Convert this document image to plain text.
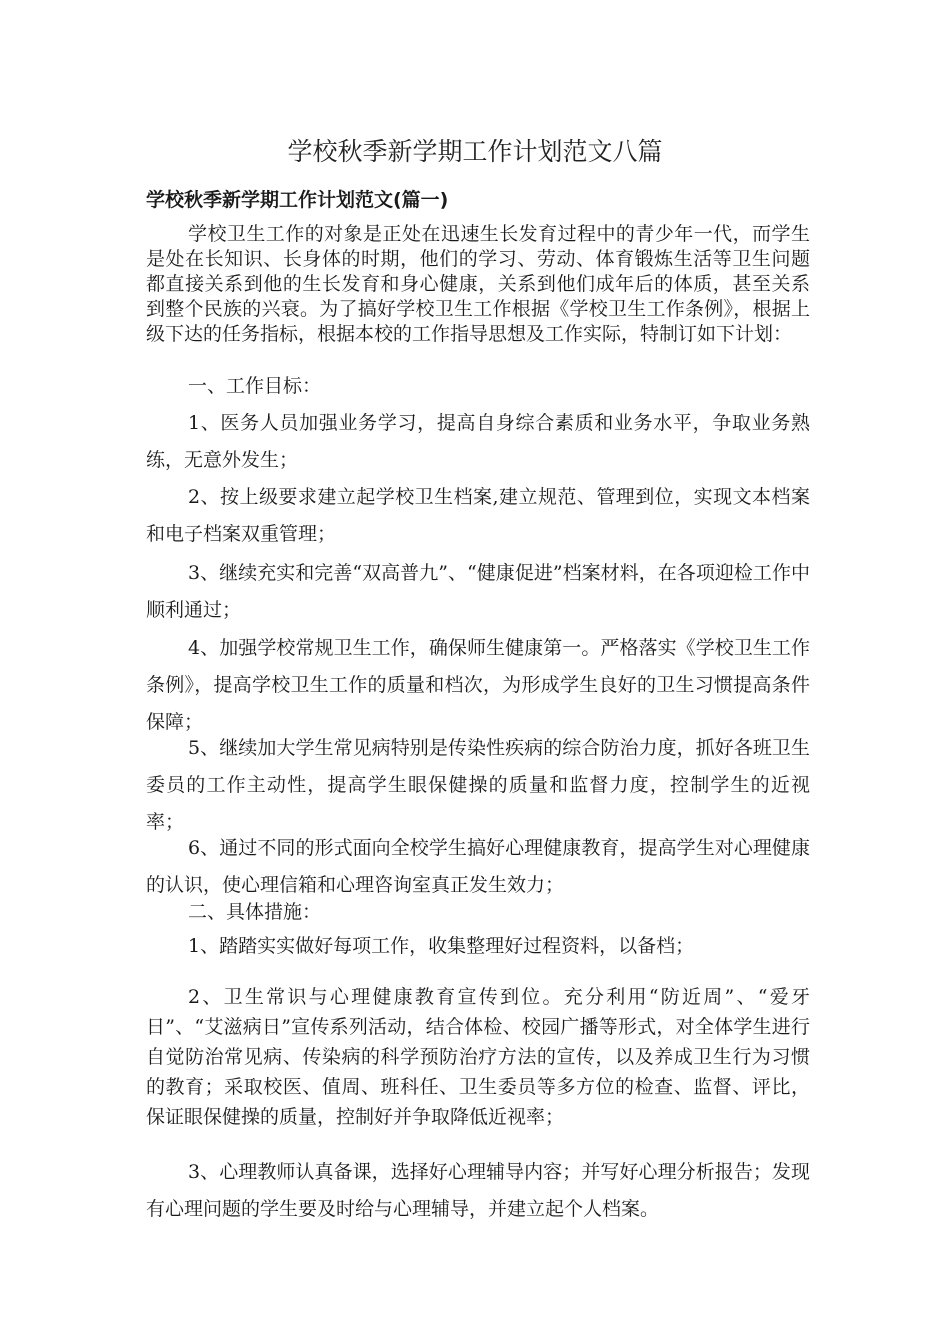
学校秋季新学期工作计划范文八篇
学校秋季新学期工作计划范文(篇一)

学校卫生工作的对象是正处在迅速生长发育过程中的青少年一代，而学生是处在长知识、长身体的时期，他们的学习、劳动、体育锻炼生活等卫生问题都直接关系到他的生长发育和身心健康，关系到他们成年后的体质，甚至关系到整个民族的兴衰。为了搞好学校卫生工作根据《学校卫生工作条例》，根据上级下达的任务指标，根据本校的工作指导思想及工作实际，特制订如下计划：

一、工作目标：

1、医务人员加强业务学习，提高自身综合素质和业务水平，争取业务熟练，无意外发生；

2、按上级要求建立起学校卫生档案,建立规范、管理到位，实现文本档案和电子档案双重管理；

3、继续充实和完善“双高普九”、“健康促进”档案材料，在各项迎检工作中顺利通过；

4、加强学校常规卫生工作，确保师生健康第一。严格落实《学校卫生工作条例》，提高学校卫生工作的质量和档次，为形成学生良好的卫生习惯提高条件保障；

5、继续加大学生常见病特别是传染性疾病的综合防治力度，抓好各班卫生委员的工作主动性，提高学生眼保健操的质量和监督力度，控制学生的近视率；

6、通过不同的形式面向全校学生搞好心理健康教育，提高学生对心理健康的认识，使心理信箱和心理咨询室真正发生效力；

二、具体措施：

1、踏踏实实做好每项工作，收集整理好过程资料，以备档；

2、卫生常识与心理健康教育宣传到位。充分利用“防近周”、“爱牙日”、“艾滋病日”宣传系列活动，结合体检、校园广播等形式，对全体学生进行自觉防治常见病、传染病的科学预防治疗方法的宣传，以及养成卫生行为习惯的教育；采取校医、值周、班科任、卫生委员等多方位的检查、监督、评比，保证眼保健操的质量，控制好并争取降低近视率；

3、心理教师认真备课，选择好心理辅导内容；并写好心理分析报告；发现有心理问题的学生要及时给与心理辅导，并建立起个人档案。
